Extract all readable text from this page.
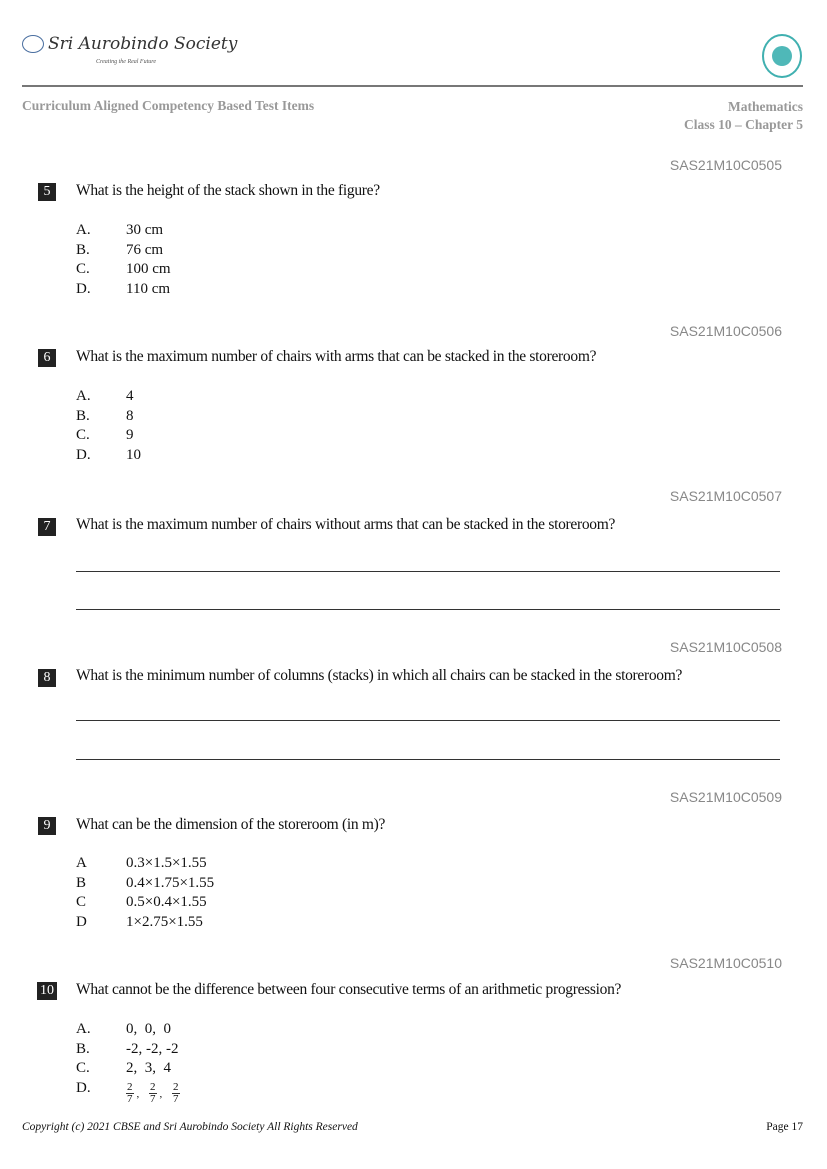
Sri Aurobindo Society
Creating the Real Future
Curriculum Aligned Competency Based Test Items	Mathematics
Class 10 – Chapter 5
SAS21M10C0505
5	What is the height of the stack shown in the figure?
A.	30 cm
B.	76 cm
C.	100 cm
D.	110 cm
SAS21M10C0506
6	What is the maximum number of chairs with arms that can be stacked in the storeroom?
A.	4
B.	8
C.	9
D.	10
SAS21M10C0507
7	What is the maximum number of chairs without arms that can be stacked in the storeroom?
SAS21M10C0508
8	What is the minimum number of columns (stacks) in which all chairs can be stacked in the storeroom?
SAS21M10C0509
9	What can be the dimension of the storeroom (in m)?
A	0.3×1.5×1.55
B	0.4×1.75×1.55
C	0.5×0.4×1.55
D	1×2.75×1.55
SAS21M10C0510
10 What cannot be the difference between four consecutive terms of an arithmetic progression?
A.	0,  0,  0
B.	-2, -2, -2
C.	2,  3,  4
D.	$\frac{2}{7}$ , $\frac{2}{7}$ , $\frac{2}{7}$
Copyright (c) 2021 CBSE and Sri Aurobindo Society All Rights Reserved	Page 17
